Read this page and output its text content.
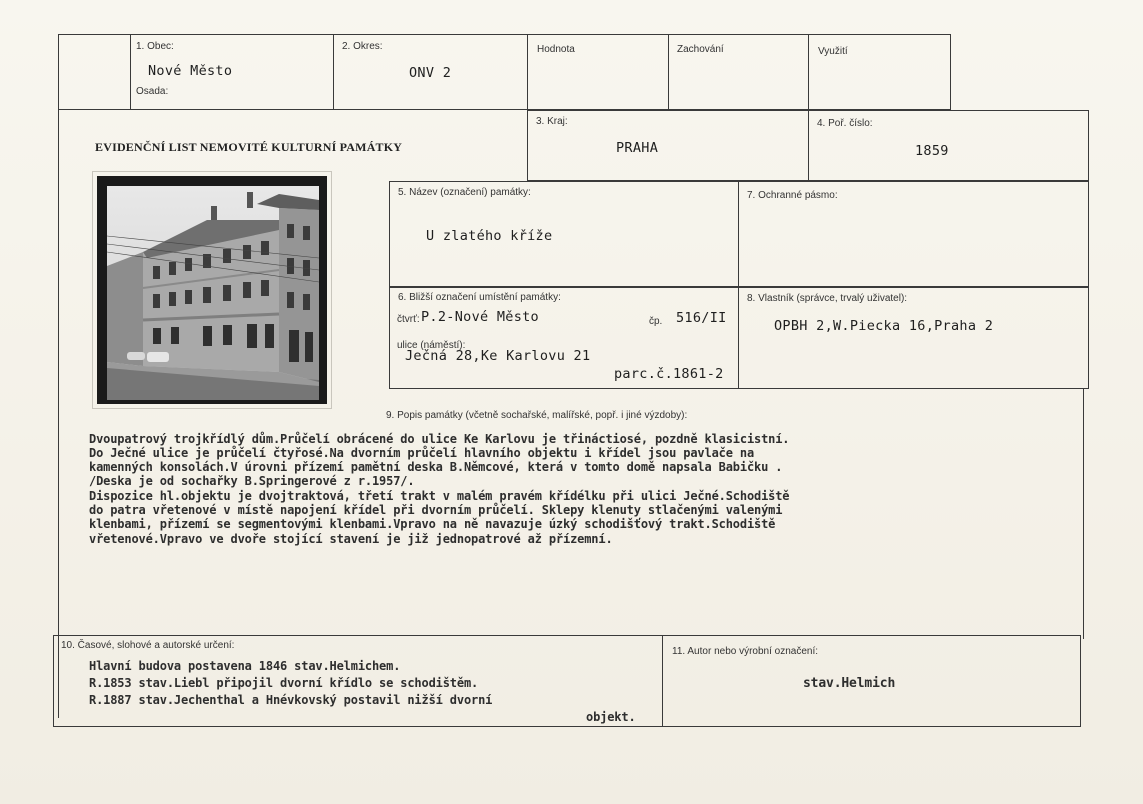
1. Obec:
Nové Město
Osada:
2. Okres:
ONV 2
Hodnota	Zachování	Využití
EVIDENČNÍ LIST NEMOVITÉ KULTURNÍ PAMÁTKY
3. Kraj:
PRAHA
4. Poř. číslo:
1859
5. Název (označení) památky:
U zlatého kříže
7. Ochranné pásmo:
6. Bližší označení umístění památky:
čtvrť: P.2-Nové Město	čp. 516/II
ulice (náměstí):
Ječná 28,Ke Karlovu 21
parc.č.1861-2
8. Vlastník (správce, trvalý uživatel):
OPBH 2,W.Piecka 16,Praha 2
9. Popis památky (včetně sochařské, malířské, popř. i jiné výzdoby):
Dvoupatrový trojkřídlý dům.Průčelí obrácené do ulice Ke Karlovu je třináctiosé, pozdně klasicistní.
Do Ječné ulice je průčelí čtyřosé.Na dvorním průčelí hlavního objektu i křídel jsou pavlače na
kamenných konsolách.V úrovni přízemí pamětní deska B.Němcové, která v tomto domě napsala Babičku .
/Deska je od sochařky B.Springerové z r.1957/.
Dispozice hl.objektu je dvojtraktová, třetí trakt v malém pravém křídélku při ulici Ječné.Schodiště
do patra vřetenové v místě napojení křídel při dvorním průčelí. Sklepy klenuty stlačenými valenými
klenbami, přízemí se segmentovými klenbami.Vpravo na ně navazuje úzký schodišťový trakt.Schodiště
vřetenové.Vpravo ve dvoře stojící stavení je již jednopatrové až přízemní.
10. Časové, slohové a autorské určení:
Hlavní budova postavena 1846 stav.Helmichem.
R.1853 stav.Liebl připojil dvorní křídlo se schodištěm.
R.1887 stav.Jechenthal a Hnévkovský postavil nižší dvorní
objekt.
11. Autor nebo výrobní označení:
stav.Helmich
